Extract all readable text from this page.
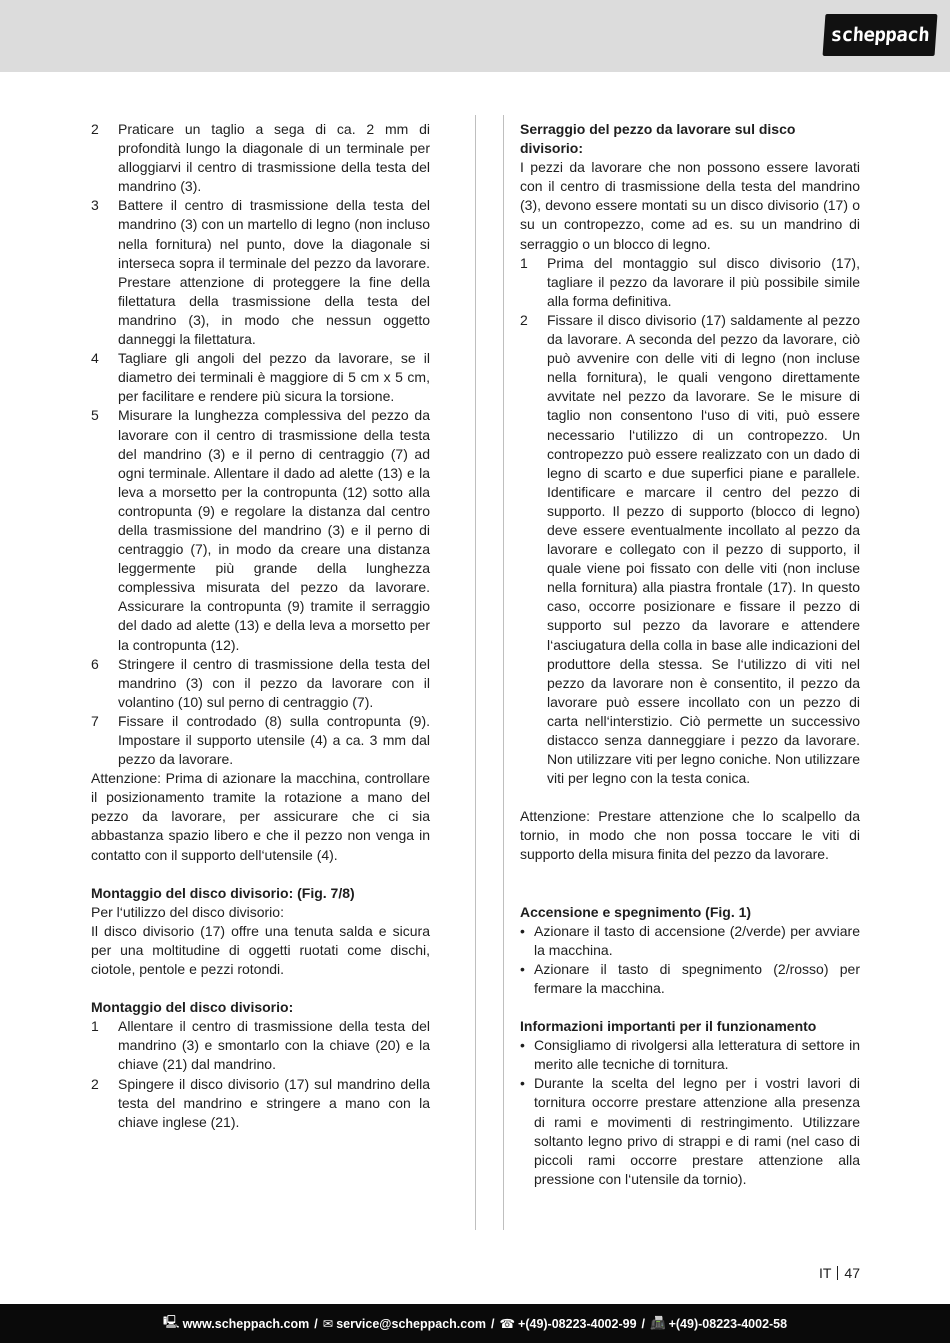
scheppach
2	Praticare un taglio a sega di ca. 2 mm di profondità lungo la diagonale di un terminale per alloggiarvi il centro di trasmissione della testa del mandrino (3).
3	Battere il centro di trasmissione della testa del mandrino (3) con un martello di legno (non incluso nella fornitura) nel punto, dove la diagonale si interseca sopra il terminale del pezzo da lavorare. Prestare attenzione di proteggere la fine della filettatura della trasmissione della testa del mandrino (3), in modo che nessun oggetto danneggi la filettatura.
4	Tagliare gli angoli del pezzo da lavorare, se il diametro dei terminali è maggiore di 5 cm x 5 cm, per facilitare e rendere più sicura la torsione.
5	Misurare la lunghezza complessiva del pezzo da lavorare con il centro di trasmissione della testa del mandrino (3) e il perno di centraggio (7) ad ogni terminale. Allentare il dado ad alette (13) e la leva a morsetto per la contropunta (12) sotto alla contropunta (9) e regolare la distanza dal centro della trasmissione del mandrino (3) e il perno di centraggio (7), in modo da creare una distanza leggermente più grande della lunghezza complessiva misurata del pezzo da lavorare. Assicurare la contropunta (9) tramite il serraggio del dado ad alette (13) e della leva a morsetto per la contropunta (12).
6	Stringere il centro di trasmissione della testa del mandrino (3) con il pezzo da lavorare con il volantino (10) sul perno di centraggio (7).
7	Fissare il controdado (8) sulla contropunta (9). Impostare il supporto utensile (4) a ca. 3 mm dal pezzo da lavorare.

Attenzione: Prima di azionare la macchina, controllare il posizionamento tramite la rotazione a mano del pezzo da lavorare, per assicurare che ci sia abbastanza spazio libero e che il pezzo non venga in contatto con il supporto dell‘utensile (4).

Montaggio del disco divisorio: (Fig. 7/8)

Per l‘utilizzo del disco divisorio:

Il disco divisorio (17) offre una tenuta salda e sicura per una moltitudine di oggetti ruotati come dischi, ciotole, pentole e pezzi rotondi.

Montaggio del disco divisorio:

1	Allentare il centro di trasmissione della testa del mandrino (3) e smontarlo con la chiave (20) e la chiave (21) dal mandrino.
2	Spingere il disco divisorio (17) sul mandrino della testa del mandrino e stringere a mano con la chiave inglese (21).

Serraggio del pezzo da lavorare sul disco divisorio:

I pezzi da lavorare che non possono essere lavorati con il centro di trasmissione della testa del mandrino (3), devono essere montati su un disco divisorio (17) o su un contropezzo, come ad es. su un mandrino di serraggio o un blocco di legno.

1	Prima del montaggio sul disco divisorio (17), tagliare il pezzo da lavorare il più possibile simile alla forma definitiva.
2	Fissare il disco divisorio (17) saldamente al pezzo da lavorare. A seconda del pezzo da lavorare, ciò può avvenire con delle viti di legno (non incluse nella fornitura), le quali vengono direttamente avvitate nel pezzo da lavorare. Se le misure di taglio non consentono l‘uso di viti, può essere necessario l‘utilizzo di un contropezzo. Un contropezzo può essere realizzato con un dado di legno di scarto e due superfici piane e parallele. Identificare e marcare il centro del pezzo di supporto. Il pezzo di supporto (blocco di legno) deve essere eventualmente incollato al pezzo da lavorare e collegato con il pezzo di supporto, il quale viene poi fissato con delle viti (non incluse nella fornitura) alla piastra frontale (17). In questo caso, occorre posizionare e fissare il pezzo di supporto sul pezzo da lavorare e attendere l‘asciugatura della colla in base alle indicazioni del produttore della stessa. Se l‘utilizzo di viti nel pezzo da lavorare non è consentito, il pezzo da lavorare può essere incollato con un pezzo di carta nell‘interstizio. Ciò permette un successivo distacco senza danneggiare i pezzo da lavorare. Non utilizzare viti per legno coniche. Non utilizzare viti per legno con la testa conica.

Attenzione: Prestare attenzione che lo scalpello da tornio, in modo che non possa toccare le viti di supporto della misura finita del pezzo da lavorare.

Accensione e spegnimento (Fig. 1)

• Azionare il tasto di accensione (2/verde) per avviare la macchina.
• Azionare il tasto di spegnimento (2/rosso) per fermare la macchina.

Informazioni importanti per il funzionamento

• Consigliamo di rivolgersi alla letteratura di settore in merito alle tecniche di tornitura.
• Durante la scelta del legno per i vostri lavori di tornitura occorre prestare attenzione alla presenza di rami e movimenti di restringimento. Utilizzare soltanto legno privo di strappi e di rami (nel caso di piccoli rami occorre prestare attenzione alla pressione con l‘utensile da tornio).
IT 47
🖳 www.scheppach.com / ✉ service@scheppach.com / ☎ +(49)-08223-4002-99 / 📠 +(49)-08223-4002-58
